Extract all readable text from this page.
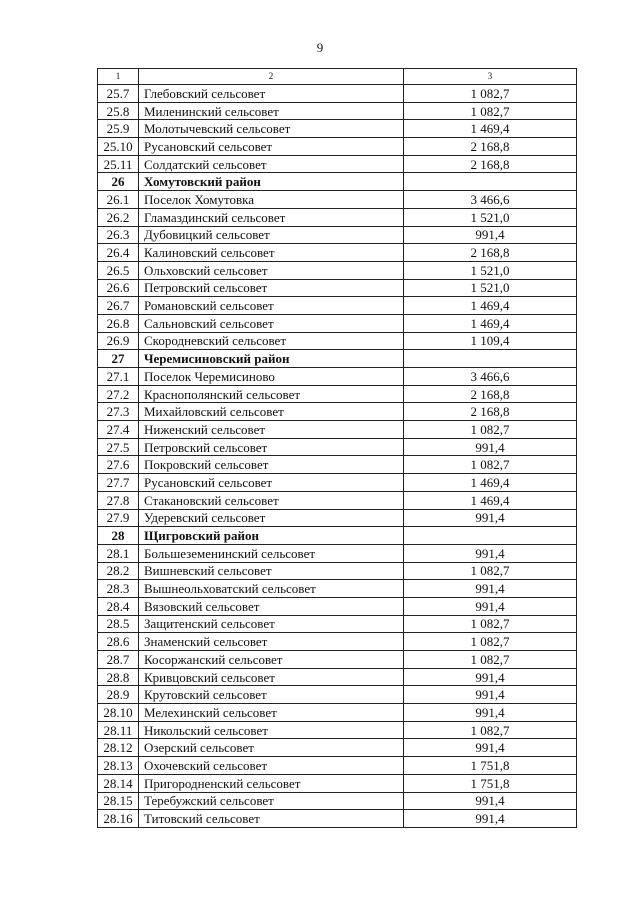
9
1	2	3
25.7	Глебовский сельсовет	1 082,7
25.8	Миленинский сельсовет	1 082,7
25.9	Молотычевский сельсовет	1 469,4
25.10	Русановский сельсовет	2 168,8
25.11	Солдатский сельсовет	2 168,8
26	Хомутовский район	
26.1	Поселок Хомутовка	3 466,6
26.2	Гламаздинский сельсовет	1 521,0
26.3	Дубовицкий сельсовет	991,4
26.4	Калиновский сельсовет	2 168,8
26.5	Ольховский сельсовет	1 521,0
26.6	Петровский сельсовет	1 521,0
26.7	Романовский сельсовет	1 469,4
26.8	Сальновский сельсовет	1 469,4
26.9	Скородневский сельсовет	1 109,4
27	Черемисиновский район	
27.1	Поселок Черемисиново	3 466,6
27.2	Краснополянский сельсовет	2 168,8
27.3	Михайловский сельсовет	2 168,8
27.4	Ниженский сельсовет	1 082,7
27.5	Петровский сельсовет	991,4
27.6	Покровский сельсовет	1 082,7
27.7	Русановский сельсовет	1 469,4
27.8	Стакановский сельсовет	1 469,4
27.9	Удеревский сельсовет	991,4
28	Щигровский район	
28.1	Большеземенинский сельсовет	991,4
28.2	Вишневский сельсовет	1 082,7
28.3	Вышнеольховатский сельсовет	991,4
28.4	Вязовский сельсовет	991,4
28.5	Защитенский сельсовет	1 082,7
28.6	Знаменский сельсовет	1 082,7
28.7	Косоржанский сельсовет	1 082,7
28.8	Кривцовский сельсовет	991,4
28.9	Крутовский сельсовет	991,4
28.10	Мелехинский сельсовет	991,4
28.11	Никольский сельсовет	1 082,7
28.12	Озерский сельсовет	991,4
28.13	Охочевский сельсовет	1 751,8
28.14	Пригородненский сельсовет	1 751,8
28.15	Теребужский сельсовет	991,4
28.16	Титовский сельсовет	991,4
